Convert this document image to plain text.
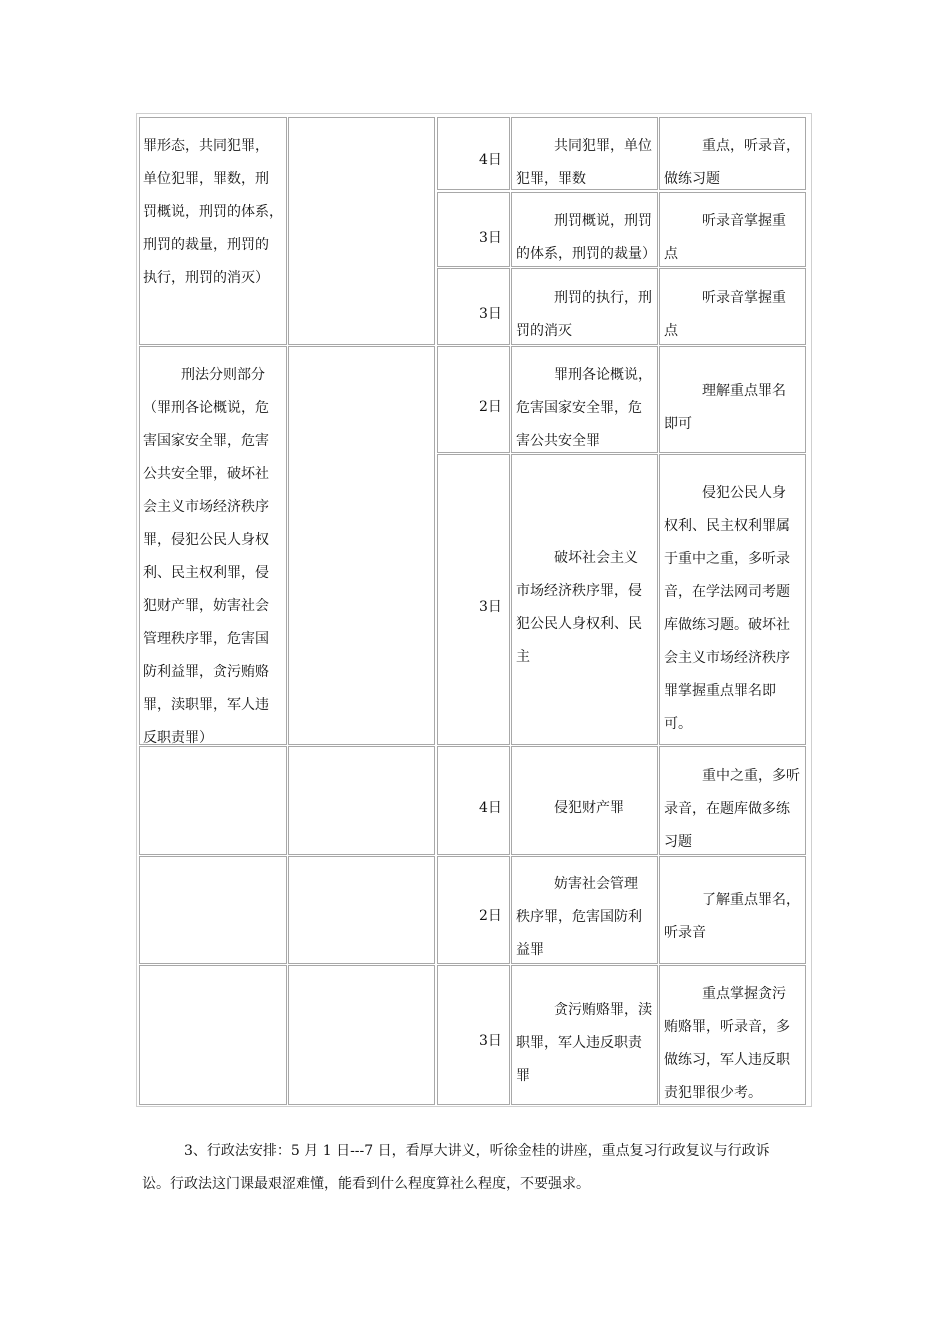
罪形态，共同犯罪，
单位犯罪，罪数，刑
罚概说，刑罚的体系，
刑罚的裁量，刑罚的
执行，刑罚的消灭）
4日
共同犯罪，单位
犯罪，罪数
重点，听录音，
做练习题
3日
刑罚概说，刑罚
的体系，刑罚的裁量）
听录音掌握重
点
3日
刑罚的执行，刑
罚的消灭
听录音掌握重
点
刑法分则部分
（罪刑各论概说，危
害国家安全罪，危害
公共安全罪，破坏社
会主义市场经济秩序
罪，侵犯公民人身权
利、民主权利罪，侵
犯财产罪，妨害社会
管理秩序罪，危害国
防利益罪，贪污贿赂
罪，渎职罪，军人违
反职责罪）
2日
罪刑各论概说，
危害国家安全罪，危
害公共安全罪
理解重点罪名
即可
3日
破坏社会主义
市场经济秩序罪，侵
犯公民人身权利、民
主
侵犯公民人身
权利、民主权利罪属
于重中之重，多听录
音，在学法网司考题
库做练习题。破坏社
会主义市场经济秩序
罪掌握重点罪名即
可。
4日	侵犯财产罪
重中之重，多听
录音，在题库做多练
习题
2日
妨害社会管理
秩序罪，危害国防利
益罪
了解重点罪名，
听录音
3日
贪污贿赂罪，渎
职罪，军人违反职责
罪
重点掌握贪污
贿赂罪，听录音，多
做练习，军人违反职
责犯罪很少考。
3、行政法安排：5 月 1 日---7 日，看厚大讲义，听徐金桂的讲座，重点复习行政复议与行政诉
讼。行政法这门课最艰涩难懂，能看到什么程度算社么程度，不要强求。
